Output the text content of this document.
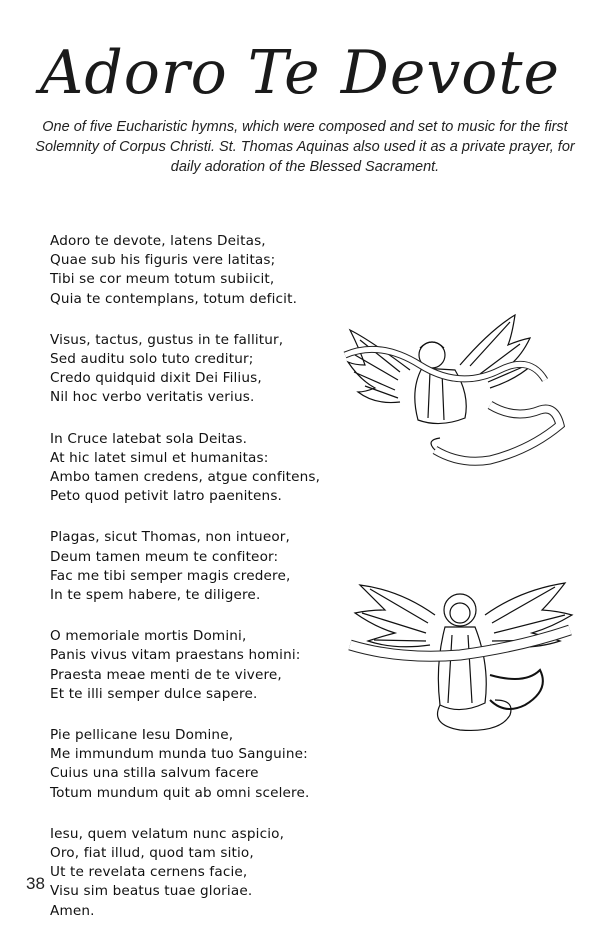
Adoro Te Devote

One of five Eucharistic hymns, which were composed and set to music for the first Solemnity of Corpus Christi. St. Thomas Aquinas also used it as a private prayer, for daily adoration of the Blessed Sacrament.

Adoro te devote, latens Deitas,
Quae sub his figuris vere latitas;
Tibi se cor meum totum subiicit,
Quia te contemplans, totum deficit.
Visus, tactus, gustus in te fallitur,
Sed auditu solo tuto creditur;
Credo quidquid dixit Dei Filius,
Nil hoc verbo veritatis verius.
In Cruce latebat sola Deitas.
At hic latet simul et humanitas:
Ambo tamen credens, atgue confitens,
Peto quod petivit latro paenitens.
Plagas, sicut Thomas, non intueor,
Deum tamen meum te confiteor:
Fac me tibi semper magis credere,
In te spem habere, te diligere.
O memoriale mortis Domini,
Panis vivus vitam praestans homini:
Praesta meae menti de te vivere,
Et te illi semper dulce sapere.
Pie pellicane Iesu Domine,
Me immundum munda tuo Sanguine:
Cuius una stilla salvum facere
Totum mundum quit ab omni scelere.
Iesu, quem velatum nunc aspicio,
Oro, fiat illud, quod tam sitio,
Ut te revelata cernens facie,
Visu sim beatus tuae gloriae.
Amen.
38
